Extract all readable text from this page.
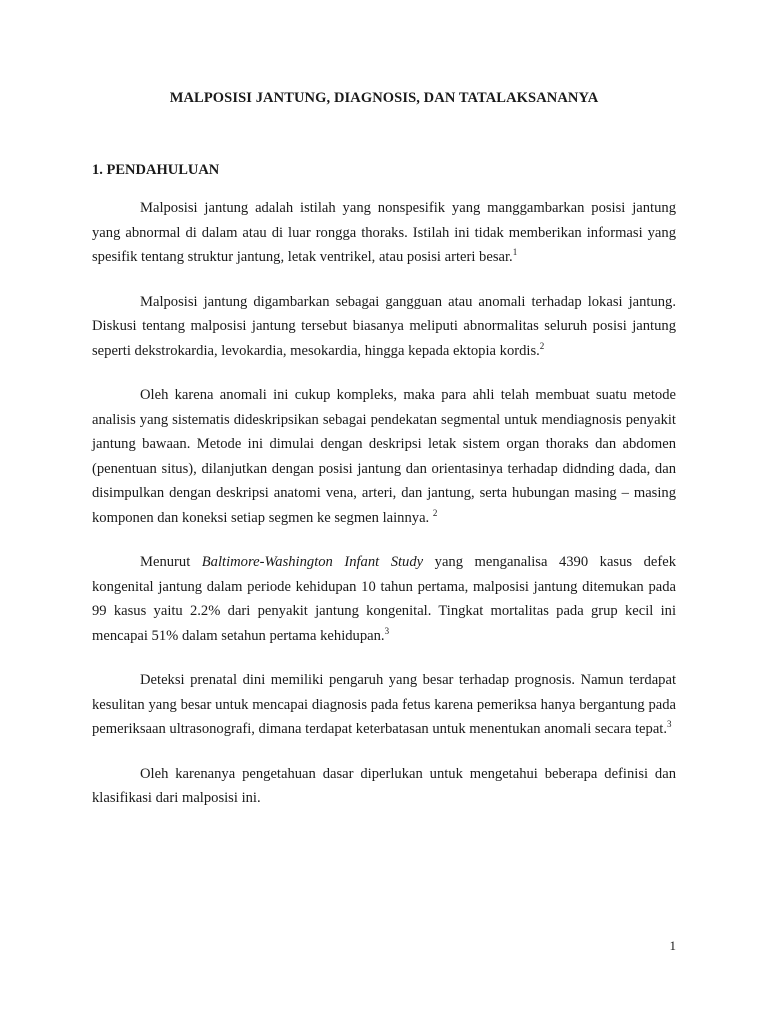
MALPOSISI JANTUNG, DIAGNOSIS, DAN TATALAKSANANYA
1. PENDAHULUAN

Malposisi jantung adalah istilah yang nonspesifik yang manggambarkan posisi jantung yang abnormal di dalam atau di luar rongga thoraks. Istilah ini tidak memberikan informasi yang spesifik tentang struktur jantung, letak ventrikel, atau posisi arteri besar.$^1$

Malposisi jantung digambarkan sebagai gangguan atau anomali terhadap lokasi jantung. Diskusi tentang malposisi jantung tersebut biasanya meliputi abnormalitas seluruh posisi jantung seperti dekstrokardia, levokardia, mesokardia, hingga kepada ektopia kordis.$^2$

Oleh karena anomali ini cukup kompleks, maka para ahli telah membuat suatu metode analisis yang sistematis dideskripsikan sebagai pendekatan segmental untuk mendiagnosis penyakit jantung bawaan. Metode ini dimulai dengan deskripsi letak sistem organ thoraks dan abdomen (penentuan situs), dilanjutkan dengan posisi jantung dan orientasinya terhadap didnding dada, dan disimpulkan dengan deskripsi anatomi vena, arteri, dan jantung, serta hubungan masing – masing komponen dan koneksi setiap segmen ke segmen lainnya. $^2$

Menurut Baltimore-Washington Infant Study yang menganalisa 4390 kasus defek kongenital jantung dalam periode kehidupan 10 tahun pertama, malposisi jantung ditemukan pada 99 kasus yaitu 2.2% dari penyakit jantung kongenital. Tingkat mortalitas pada grup kecil ini mencapai 51% dalam setahun pertama kehidupan.$^3$

Deteksi prenatal dini memiliki pengaruh yang besar terhadap prognosis. Namun terdapat kesulitan yang besar untuk mencapai diagnosis pada fetus karena pemeriksa hanya bergantung pada pemeriksaan ultrasonografi, dimana terdapat keterbatasan untuk menentukan anomali secara tepat.$^3$

Oleh karenanya pengetahuan dasar diperlukan untuk mengetahui beberapa definisi dan klasifikasi dari malposisi ini.

1
